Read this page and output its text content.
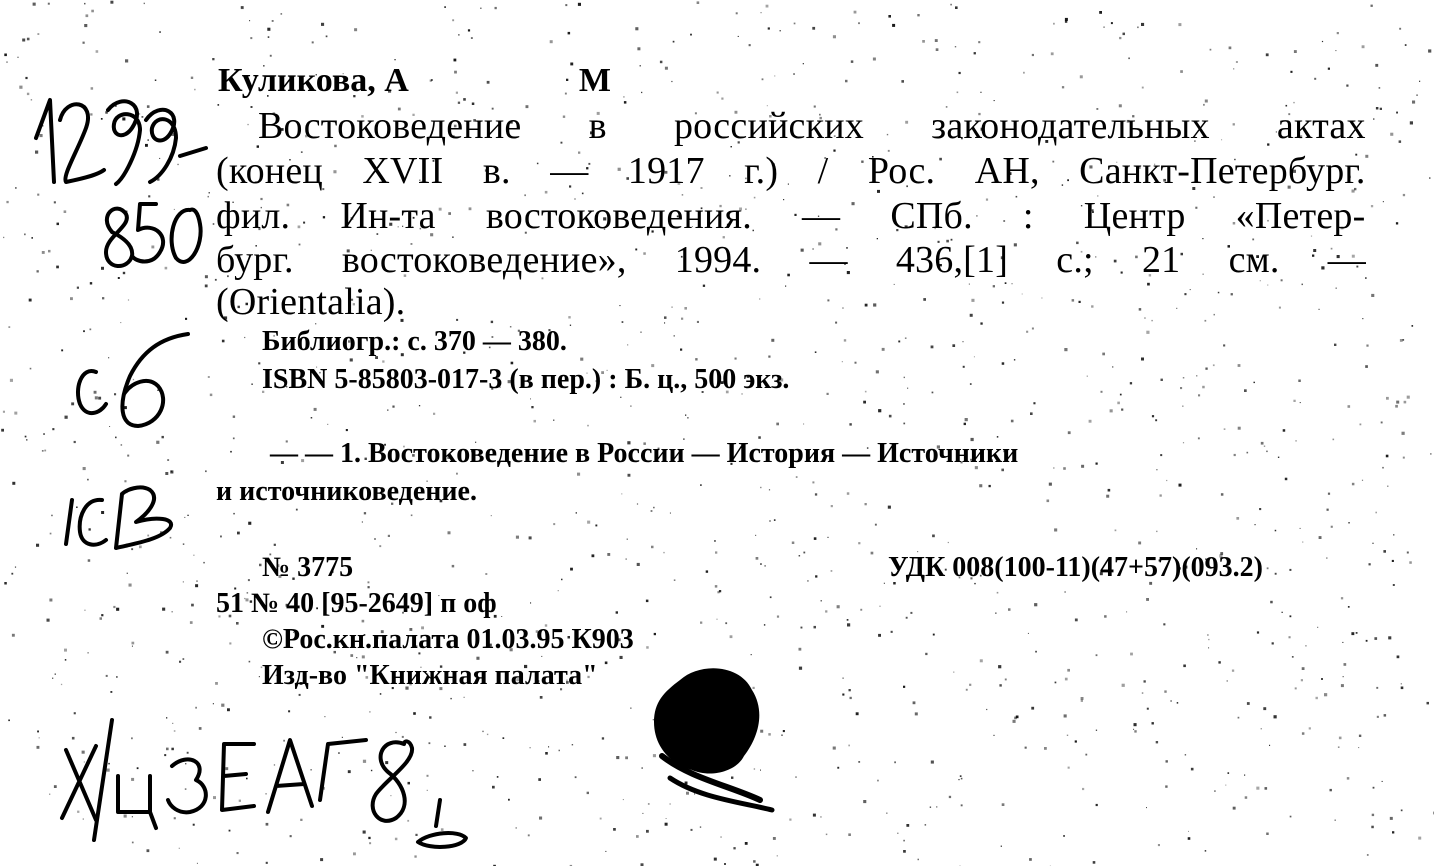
Куликова, А	М
Востоковедение в российских законодательных актах
(конец XVII в. — 1917 г.) / Рос. АН, Санкт-Петербург.
фил. Ин-та востоковедения. — СПб. : Центр «Петер-
бург. востоковедение», 1994. — 436,[1] с.; 21 см. —
(Orientalia).
Библиогр.: с. 370 — 380.
ISBN 5-85803-017-3 (в пер.) : Б. ц., 500 экз.
— — 1. Востоковедение в России — История — Источники
и источниковедение.
№ 3775	УДК 008(100-11)(47+57)(093.2)
51 № 40 [95-2649] п оф
©Рос.кн.палата 01.03.95 К903
Изд-во "Книжная палата"
